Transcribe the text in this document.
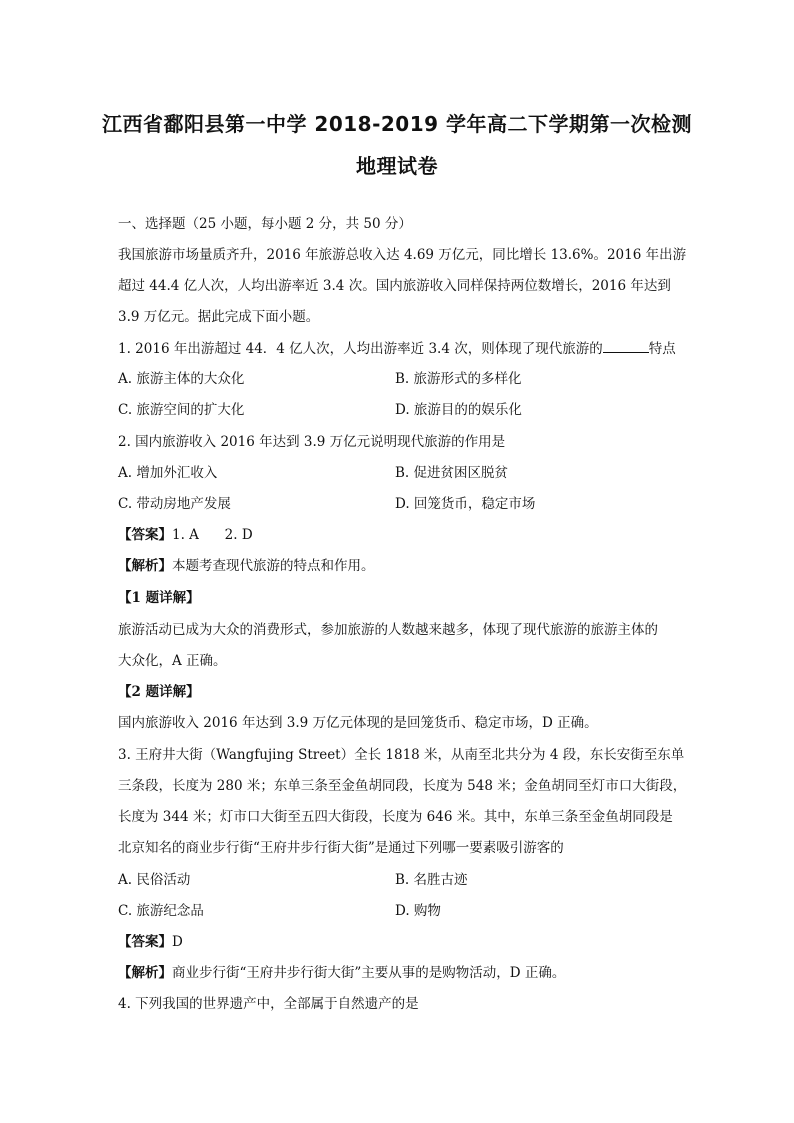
江西省鄱阳县第一中学 2018-2019 学年高二下学期第一次检测
地理试卷
一、选择题（25 小题，每小题 2 分，共 50 分）
我国旅游市场量质齐升，2016 年旅游总收入达 4.69 万亿元，同比增长 13.6%。2016 年出游
超过 44.4 亿人次，人均出游率近 3.4 次。国内旅游收入同样保持两位数增长，2016 年达到
3.9 万亿元。据此完成下面小题。
1. 2016 年出游超过 44．4 亿人次，人均出游率近 3.4 次，则体现了现代旅游的	特点
A. 旅游主体的大众化	B. 旅游形式的多样化
C. 旅游空间的扩大化	D. 旅游目的的娱乐化
2. 国内旅游收入 2016 年达到 3.9 万亿元说明现代旅游的作用是
A. 增加外汇收入	B. 促进贫困区脱贫
C. 带动房地产发展	D. 回笼货币，稳定市场
【答案】1. A      2. D
【解析】本题考查现代旅游的特点和作用。
【1 题详解】
旅游活动已成为大众的消费形式，参加旅游的人数越来越多，体现了现代旅游的旅游主体的
大众化，A 正确。
【2 题详解】
国内旅游收入 2016 年达到 3.9 万亿元体现的是回笼货币、稳定市场，D 正确。
3. 王府井大街（Wangfujing Street）全长 1818 米，从南至北共分为 4 段，东长安街至东单
三条段，长度为 280 米；东单三条至金鱼胡同段，长度为 548 米；金鱼胡同至灯市口大街段，
长度为 344 米；灯市口大街至五四大街段，长度为 646 米。其中，东单三条至金鱼胡同段是
北京知名的商业步行街“王府井步行街大街”是通过下列哪一要素吸引游客的
A. 民俗活动	B. 名胜古迹
C. 旅游纪念品	D. 购物
【答案】D
【解析】商业步行街“王府井步行街大街”主要从事的是购物活动，D 正确。
4. 下列我国的世界遗产中，全部属于自然遗产的是
